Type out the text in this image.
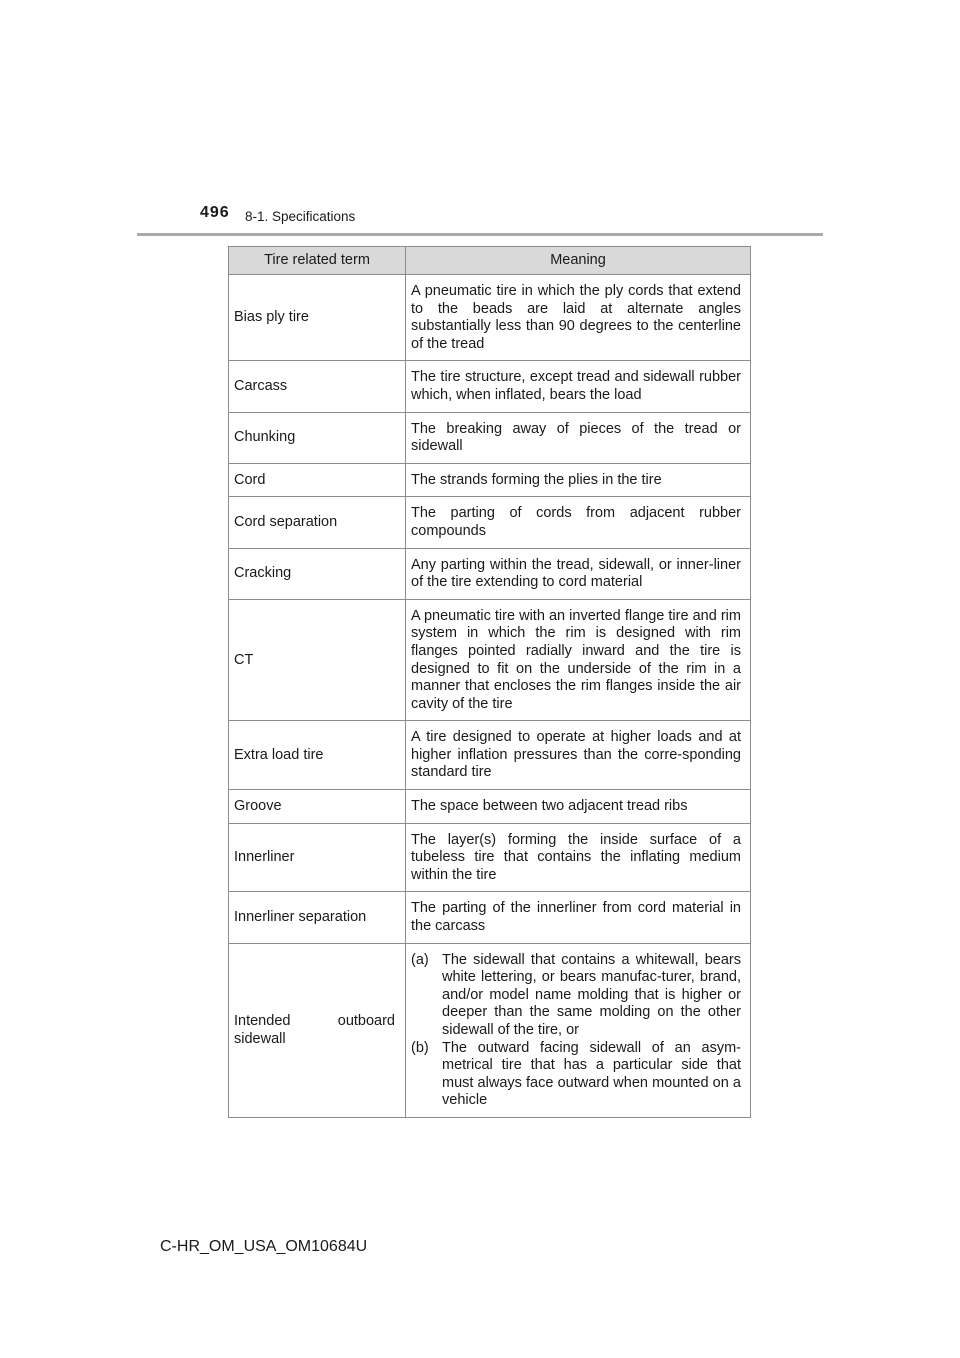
496 8-1. Specifications
Tire related term	Meaning
Bias ply tire	A pneumatic tire in which the ply cords that extend to the beads are laid at alternate angles substantially less than 90 degrees to the centerline of the tread
Carcass	The tire structure, except tread and sidewall rubber which, when inflated, bears the load
Chunking	The breaking away of pieces of the tread or sidewall
Cord	The strands forming the plies in the tire
Cord separation	The parting of cords from adjacent rubber compounds
Cracking	Any parting within the tread, sidewall, or inner-liner of the tire extending to cord material
CT	A pneumatic tire with an inverted flange tire and rim system in which the rim is designed with rim flanges pointed radially inward and the tire is designed to fit on the underside of the rim in a manner that encloses the rim flanges inside the air cavity of the tire
Extra load tire	A tire designed to operate at higher loads and at higher inflation pressures than the corre-sponding standard tire
Groove	The space between two adjacent tread ribs
Innerliner	The layer(s) forming the inside surface of a tubeless tire that contains the inflating medium within the tire
Innerliner separation	The parting of the innerliner from cord material in the carcass
Intended outboard sidewall	(a) The sidewall that contains a whitewall, bears white lettering, or bears manufac-turer, brand, and/or model name molding that is higher or deeper than the same molding on the other sidewall of the tire, or
(b) The outward facing sidewall of an asym-metrical tire that has a particular side that must always face outward when mounted on a vehicle
C-HR_OM_USA_OM10684U
